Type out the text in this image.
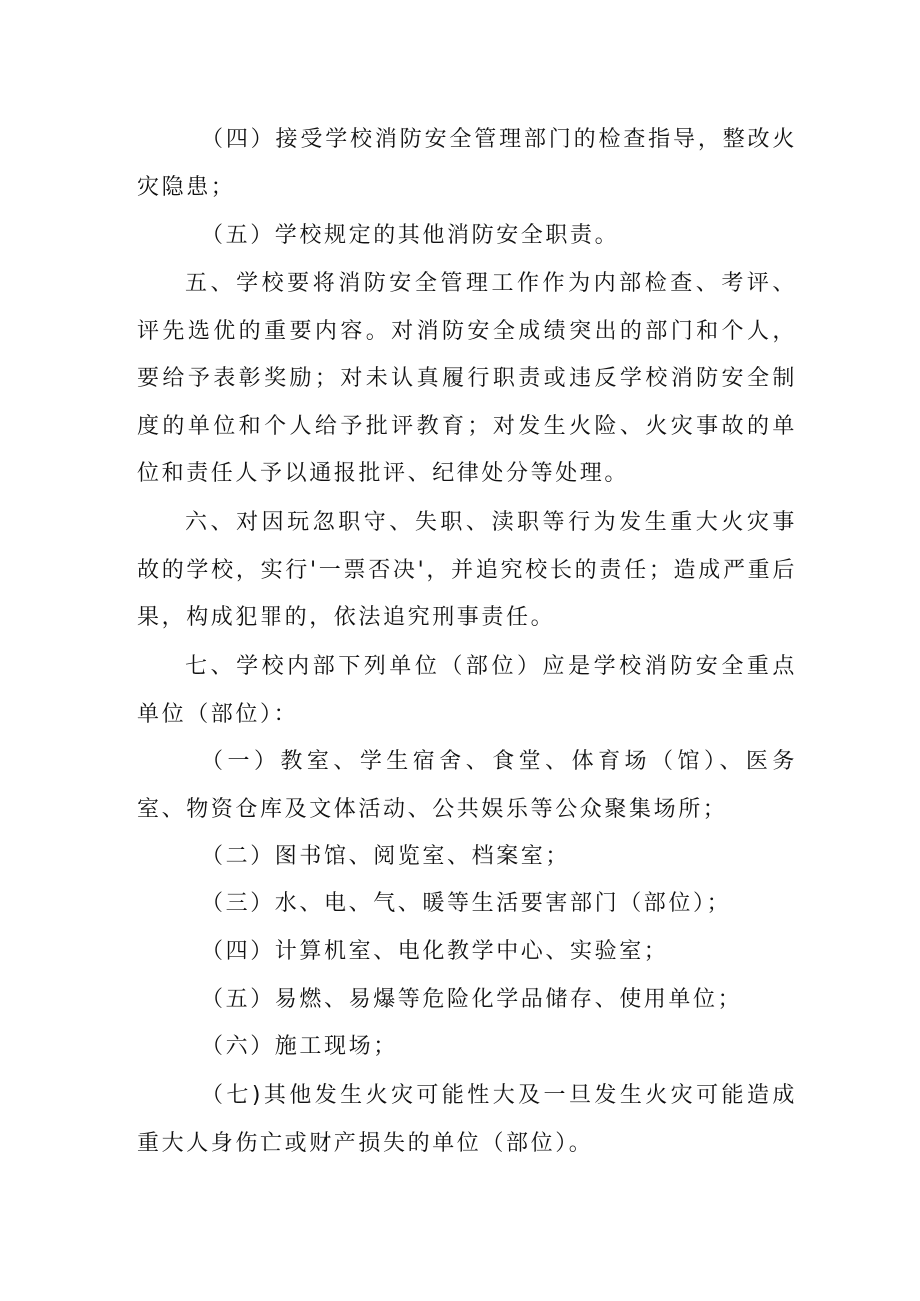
（四）接受学校消防安全管理部门的检查指导，整改火灾隐患；

（五）学校规定的其他消防安全职责。

五、学校要将消防安全管理工作作为内部检查、考评、评先选优的重要内容。对消防安全成绩突出的部门和个人，要给予表彰奖励；对未认真履行职责或违反学校消防安全制度的单位和个人给予批评教育；对发生火险、火灾事故的单位和责任人予以通报批评、纪律处分等处理。

六、对因玩忽职守、失职、渎职等行为发生重大火灾事故的学校，实行'一票否决'，并追究校长的责任；造成严重后果，构成犯罪的，依法追究刑事责任。

七、学校内部下列单位（部位）应是学校消防安全重点单位（部位）：

（一）教室、学生宿舍、食堂、体育场（馆）、医务室、物资仓库及文体活动、公共娱乐等公众聚集场所；

（二）图书馆、阅览室、档案室；

（三）水、电、气、暖等生活要害部门（部位）；

（四）计算机室、电化教学中心、实验室；

（五）易燃、易爆等危险化学品储存、使用单位；

（六）施工现场；

（七)其他发生火灾可能性大及一旦发生火灾可能造成重大人身伤亡或财产损失的单位（部位）。
